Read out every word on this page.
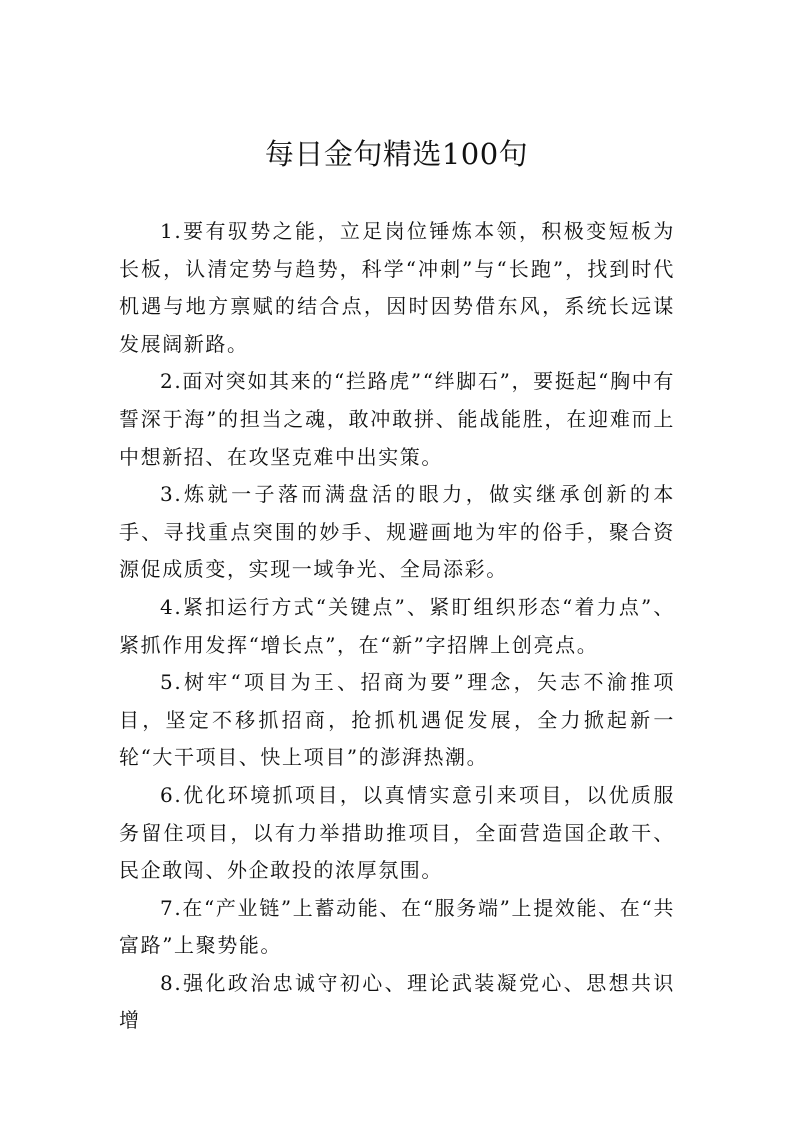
每日金句精选100句

1.要有驭势之能，立足岗位锤炼本领，积极变短板为长板，认清定势与趋势，科学“冲刺”与“长跑”，找到时代机遇与地方禀赋的结合点，因时因势借东风，系统长远谋发展阔新路。

2.面对突如其来的“拦路虎”“绊脚石”，要挺起“胸中有誓深于海”的担当之魂，敢冲敢拼、能战能胜，在迎难而上中想新招、在攻坚克难中出实策。

3.炼就一子落而满盘活的眼力，做实继承创新的本手、寻找重点突围的妙手、规避画地为牢的俗手，聚合资源促成质变，实现一域争光、全局添彩。

4.紧扣运行方式“关键点”、紧盯组织形态“着力点”、紧抓作用发挥“增长点”，在“新”字招牌上创亮点。

5.树牢“项目为王、招商为要”理念，矢志不渝推项目，坚定不移抓招商，抢抓机遇促发展，全力掀起新一轮“大干项目、快上项目”的澎湃热潮。

6.优化环境抓项目，以真情实意引来项目，以优质服务留住项目，以有力举措助推项目，全面营造国企敢干、民企敢闯、外企敢投的浓厚氛围。

7.在“产业链”上蓄动能、在“服务端”上提效能、在“共富路”上聚势能。

8.强化政治忠诚守初心、理论武装凝党心、思想共识增
